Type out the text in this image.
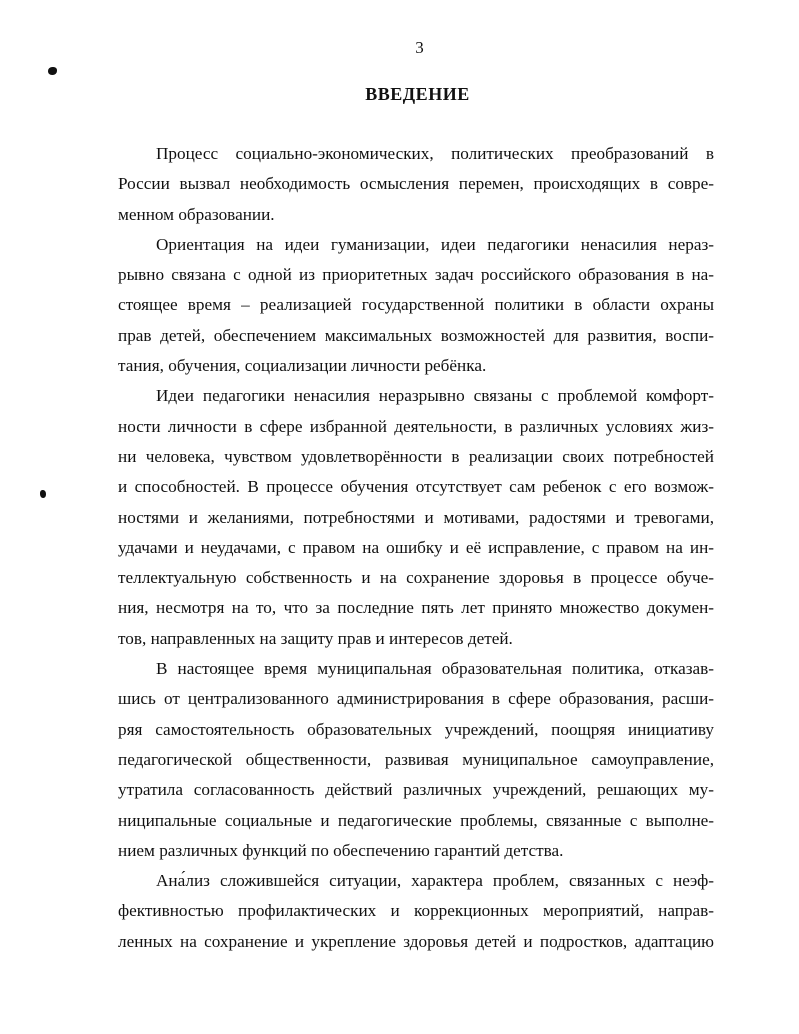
3
ВВЕДЕНИЕ
Процесс социально-экономических, политических преобразований в
России вызвал необходимость осмысления перемен, происходящих в совре-
менном образовании.
Ориентация на идеи гуманизации, идеи педагогики ненасилия нераз-
рывно связана с одной из приоритетных задач российского образования в на-
стоящее время – реализацией государственной политики в области охраны
прав детей, обеспечением максимальных возможностей для развития, воспи-
тания, обучения, социализации личности ребёнка.
Идеи педагогики ненасилия неразрывно связаны с проблемой комфорт-
ности личности в сфере избранной деятельности, в различных условиях жиз-
ни человека, чувством удовлетворённости в реализации своих потребностей
и способностей. В процессе обучения отсутствует сам ребенок с его возмож-
ностями и желаниями, потребностями и мотивами, радостями и тревогами,
удачами и неудачами, с правом на ошибку и её исправление, с правом на ин-
теллектуальную собственность и на сохранение здоровья в процессе обуче-
ния, несмотря на то, что за последние пять лет принято множество докумен-
тов, направленных на защиту прав и интересов детей.
В настоящее время муниципальная образовательная политика, отказав-
шись от централизованного администрирования в сфере образования, расши-
ряя самостоятельность образовательных учреждений, поощряя инициативу
педагогической общественности, развивая муниципальное самоуправление,
утратила согласованность действий различных учреждений, решающих му-
ниципальные социальные и педагогические проблемы, связанные с выполне-
нием различных функций по обеспечению гарантий детства.
Ана́лиз сложившейся ситуации, характера проблем, связанных с неэф-
фективностью профилактических и коррекционных мероприятий, направ-
ленных на сохранение и укрепление здоровья детей и подростков, адаптацию
